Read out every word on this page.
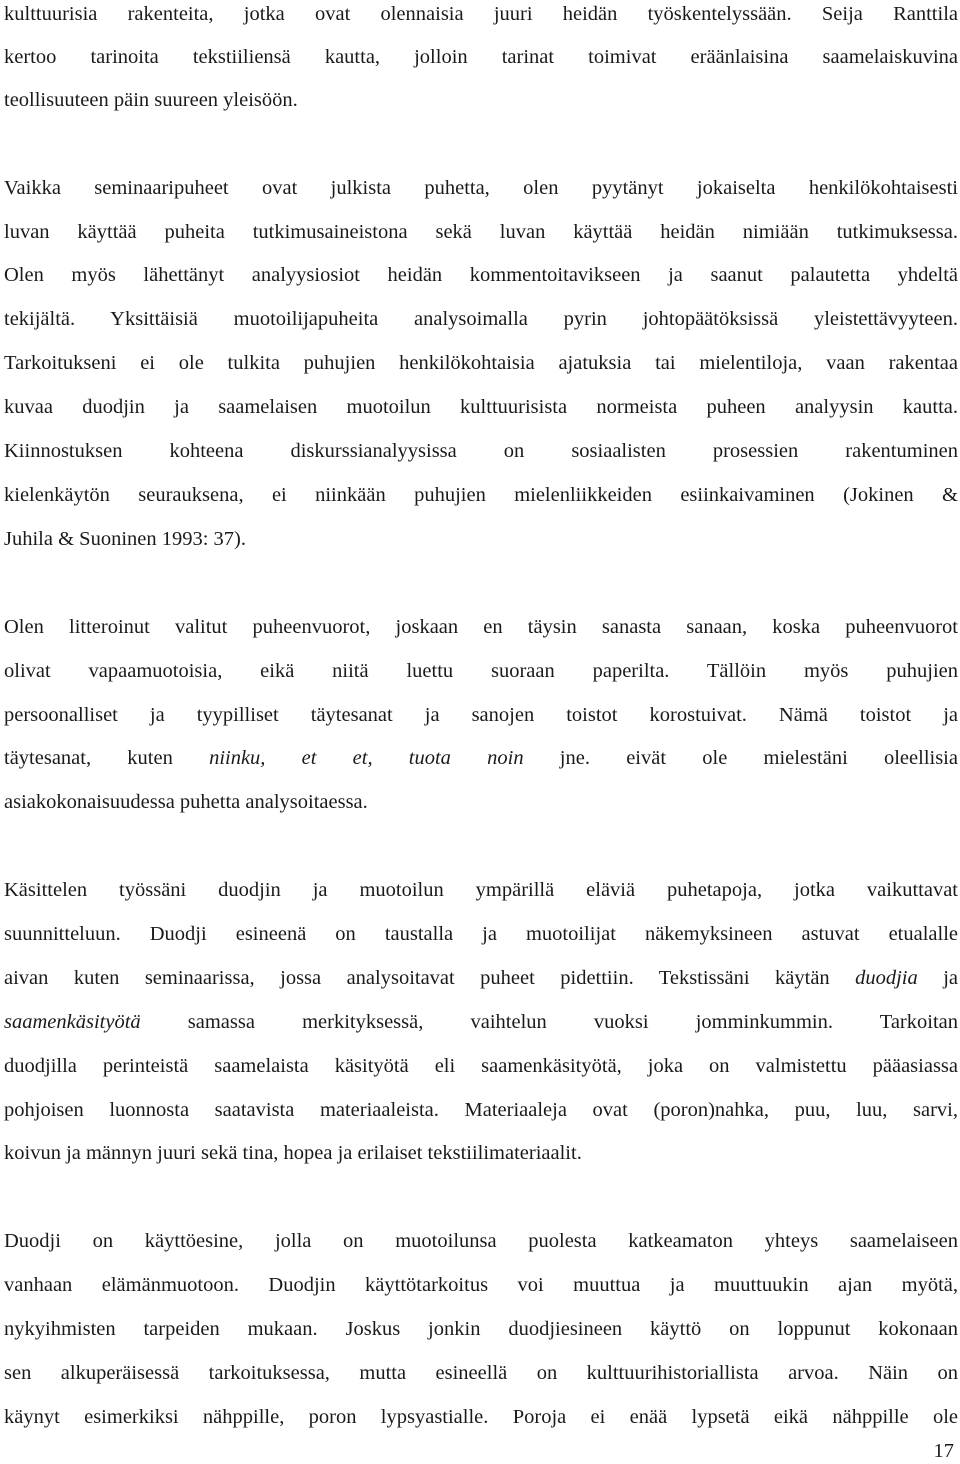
kulttuurisia rakenteita, jotka ovat olennaisia juuri heidän työskentelyssään. Seija Ranttila
kertoo tarinoita tekstiiliensä kautta, jolloin tarinat toimivat eräänlaisina saamelaiskuvina
teollisuuteen päin suureen yleisöön.
Vaikka seminaaripuheet ovat julkista puhetta, olen pyytänyt jokaiselta henkilökohtaisesti
luvan käyttää puheita tutkimusaineistona sekä luvan käyttää heidän nimiään tutkimuksessa.
Olen myös lähettänyt analyysiosiot heidän kommentoitavikseen ja saanut palautetta yhdeltä
tekijältä. Yksittäisiä muotoilijapuheita analysoimalla pyrin johtopäätöksissä yleistettävyyteen.
Tarkoitukseni ei ole tulkita puhujien henkilökohtaisia ajatuksia tai mielentiloja, vaan rakentaa
kuvaa duodjin ja saamelaisen muotoilun kulttuurisista normeista puheen analyysin kautta.
Kiinnostuksen kohteena diskurssianalyysissa on sosiaalisten prosessien rakentuminen
kielenkäytön seurauksena, ei niinkään puhujien mielenliikkeiden esiinkaivaminen (Jokinen &
Juhila & Suoninen 1993: 37).
Olen litteroinut valitut puheenvuorot, joskaan en täysin sanasta sanaan, koska puheenvuorot
olivat vapaamuotoisia, eikä niitä luettu suoraan paperilta. Tällöin myös puhujien
persoonalliset ja tyypilliset täytesanat ja sanojen toistot korostuivat. Nämä toistot ja
täytesanat, kuten niinku, et et, tuota noin jne. eivät ole mielestäni oleellisia
asiakokonaisuudessa puhetta analysoitaessa.
Käsittelen työssäni duodjin ja muotoilun ympärillä eläviä puhetapoja, jotka vaikuttavat
suunnitteluun. Duodji esineenä on taustalla ja muotoilijat näkemyksineen astuvat etualalle
aivan kuten seminaarissa, jossa analysoitavat puheet pidettiin. Tekstissäni käytän duodjia ja
saamenkäsityötä samassa merkityksessä, vaihtelun vuoksi jomminkummin. Tarkoitan
duodjilla perinteistä saamelaista käsityötä eli saamenkäsityötä, joka on valmistettu pääasiassa
pohjoisen luonnosta saatavista materiaaleista. Materiaaleja ovat (poron)nahka, puu, luu, sarvi,
koivun ja männyn juuri sekä tina, hopea ja erilaiset tekstiilimateriaalit.
Duodji on käyttöesine, jolla on muotoilunsa puolesta katkeamaton yhteys saamelaiseen
vanhaan elämänmuotoon. Duodjin käyttötarkoitus voi muuttua ja muuttuukin ajan myötä,
nykyihmisten tarpeiden mukaan. Joskus jonkin duodjiesineen käyttö on loppunut kokonaan
sen alkuperäisessä tarkoituksessa, mutta esineellä on kulttuurihistoriallista arvoa. Näin on
käynyt esimerkiksi nähppille, poron lypsyastialle. Poroja ei enää lypsetä eikä nähppille ole
17
